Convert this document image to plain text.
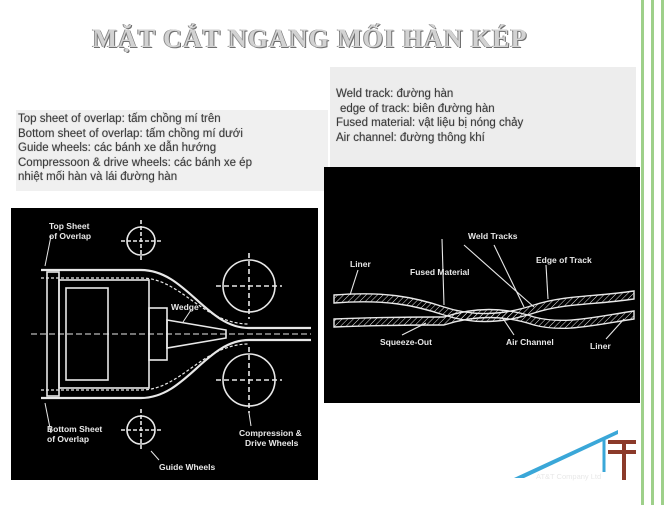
MẶT CẮT NGANG MỐI HÀN KÉP
Top sheet of overlap: tấm chồng mí trên
Bottom sheet of overlap: tấm chồng mí dưới
Guide wheels: các bánh xe dẫn hướng
Compressoon & drive wheels: các bánh xe ép
nhiệt mối hàn và lái đường hàn
Weld track: đường hàn
edge of track: biên đường hàn
Fused material: vật liệu bị nóng chảy
Air channel: đường thông khí
Top Sheet
of Overlap
Wedge
Bottom Sheet
of Overlap
Compression &
Drive Wheels
Guide Wheels
Weld Tracks
Liner
Fused Material
Edge of Track
Squeeze-Out	Air Channel	Liner
AT&T Company Ltd
